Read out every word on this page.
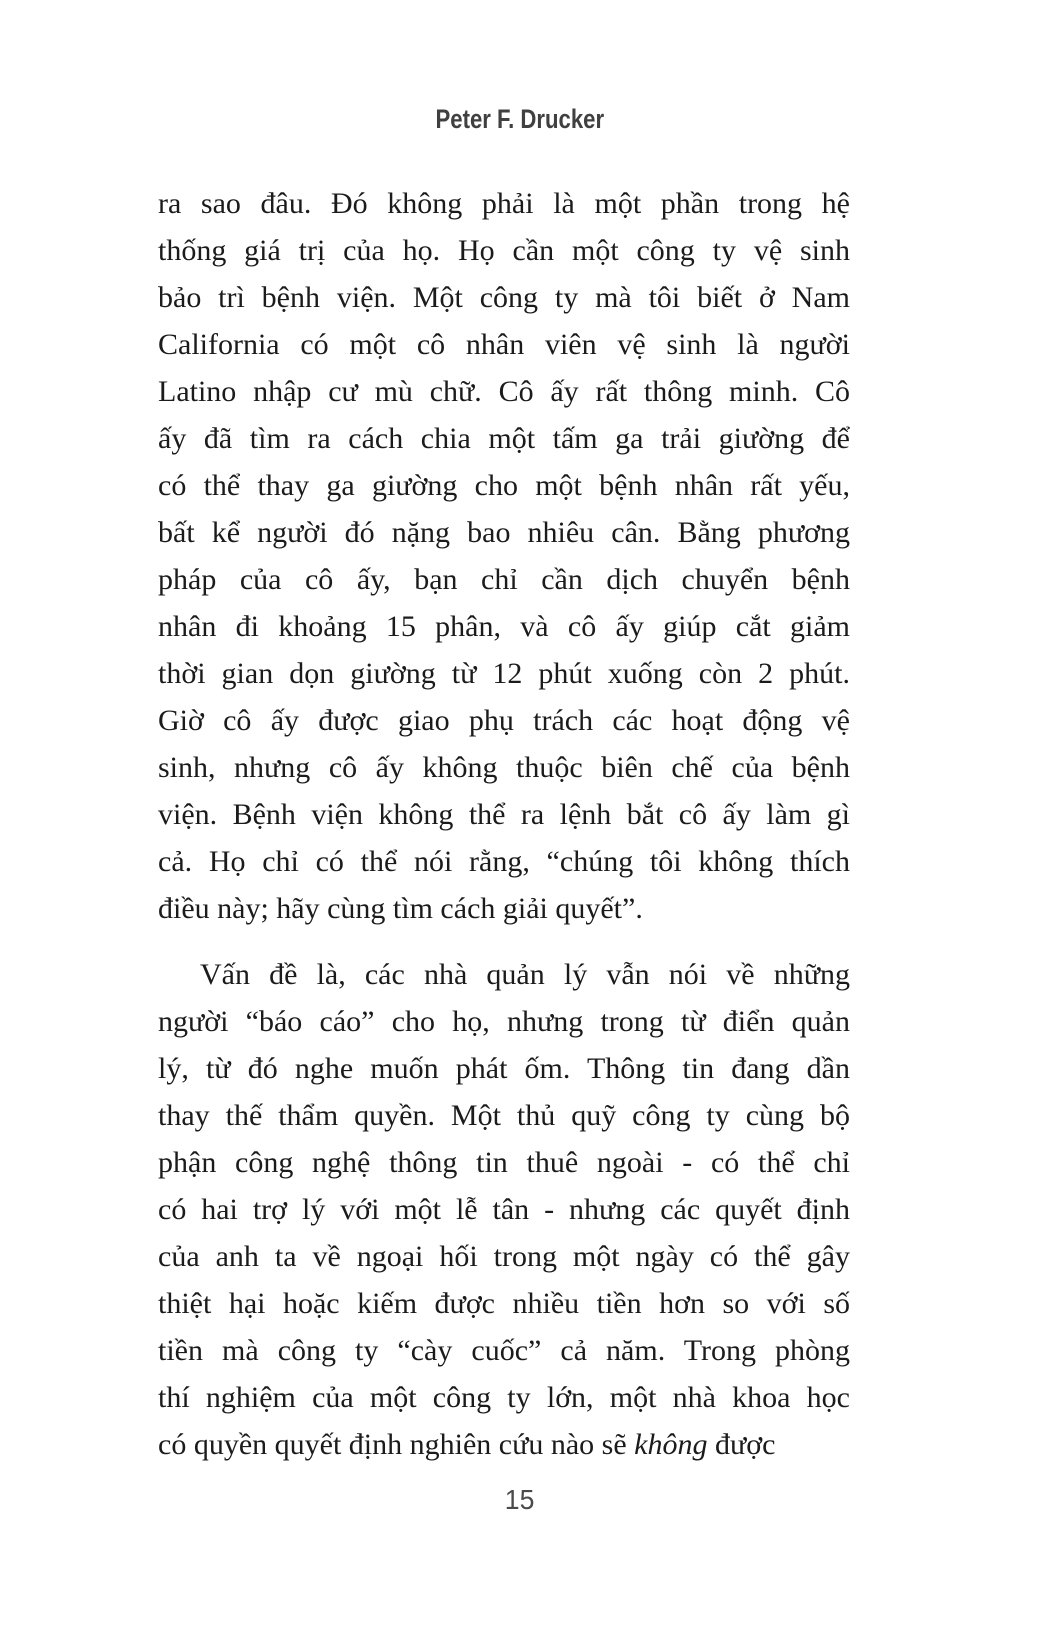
Peter F. Drucker
ra sao đâu. Đó không phải là một phần trong hệ
thống giá trị của họ. Họ cần một công ty vệ sinh
bảo trì bệnh viện. Một công ty mà tôi biết ở Nam
California có một cô nhân viên vệ sinh là người
Latino nhập cư mù chữ. Cô ấy rất thông minh. Cô
ấy đã tìm ra cách chia một tấm ga trải giường để
có thể thay ga giường cho một bệnh nhân rất yếu,
bất kể người đó nặng bao nhiêu cân. Bằng phương
pháp của cô ấy, bạn chỉ cần dịch chuyển bệnh
nhân đi khoảng 15 phân, và cô ấy giúp cắt giảm
thời gian dọn giường từ 12 phút xuống còn 2 phút.
Giờ cô ấy được giao phụ trách các hoạt động vệ
sinh, nhưng cô ấy không thuộc biên chế của bệnh
viện. Bệnh viện không thể ra lệnh bắt cô ấy làm gì
cả. Họ chỉ có thể nói rằng, “chúng tôi không thích
điều này; hãy cùng tìm cách giải quyết”.
Vấn đề là, các nhà quản lý vẫn nói về những
người “báo cáo” cho họ, nhưng trong từ điển quản
lý, từ đó nghe muốn phát ốm. Thông tin đang dần
thay thế thẩm quyền. Một thủ quỹ công ty cùng bộ
phận công nghệ thông tin thuê ngoài - có thể chỉ
có hai trợ lý với một lễ tân - nhưng các quyết định
của anh ta về ngoại hối trong một ngày có thể gây
thiệt hại hoặc kiếm được nhiều tiền hơn so với số
tiền mà công ty “cày cuốc” cả năm. Trong phòng
thí nghiệm của một công ty lớn, một nhà khoa học
có quyền quyết định nghiên cứu nào sẽ không được
15
